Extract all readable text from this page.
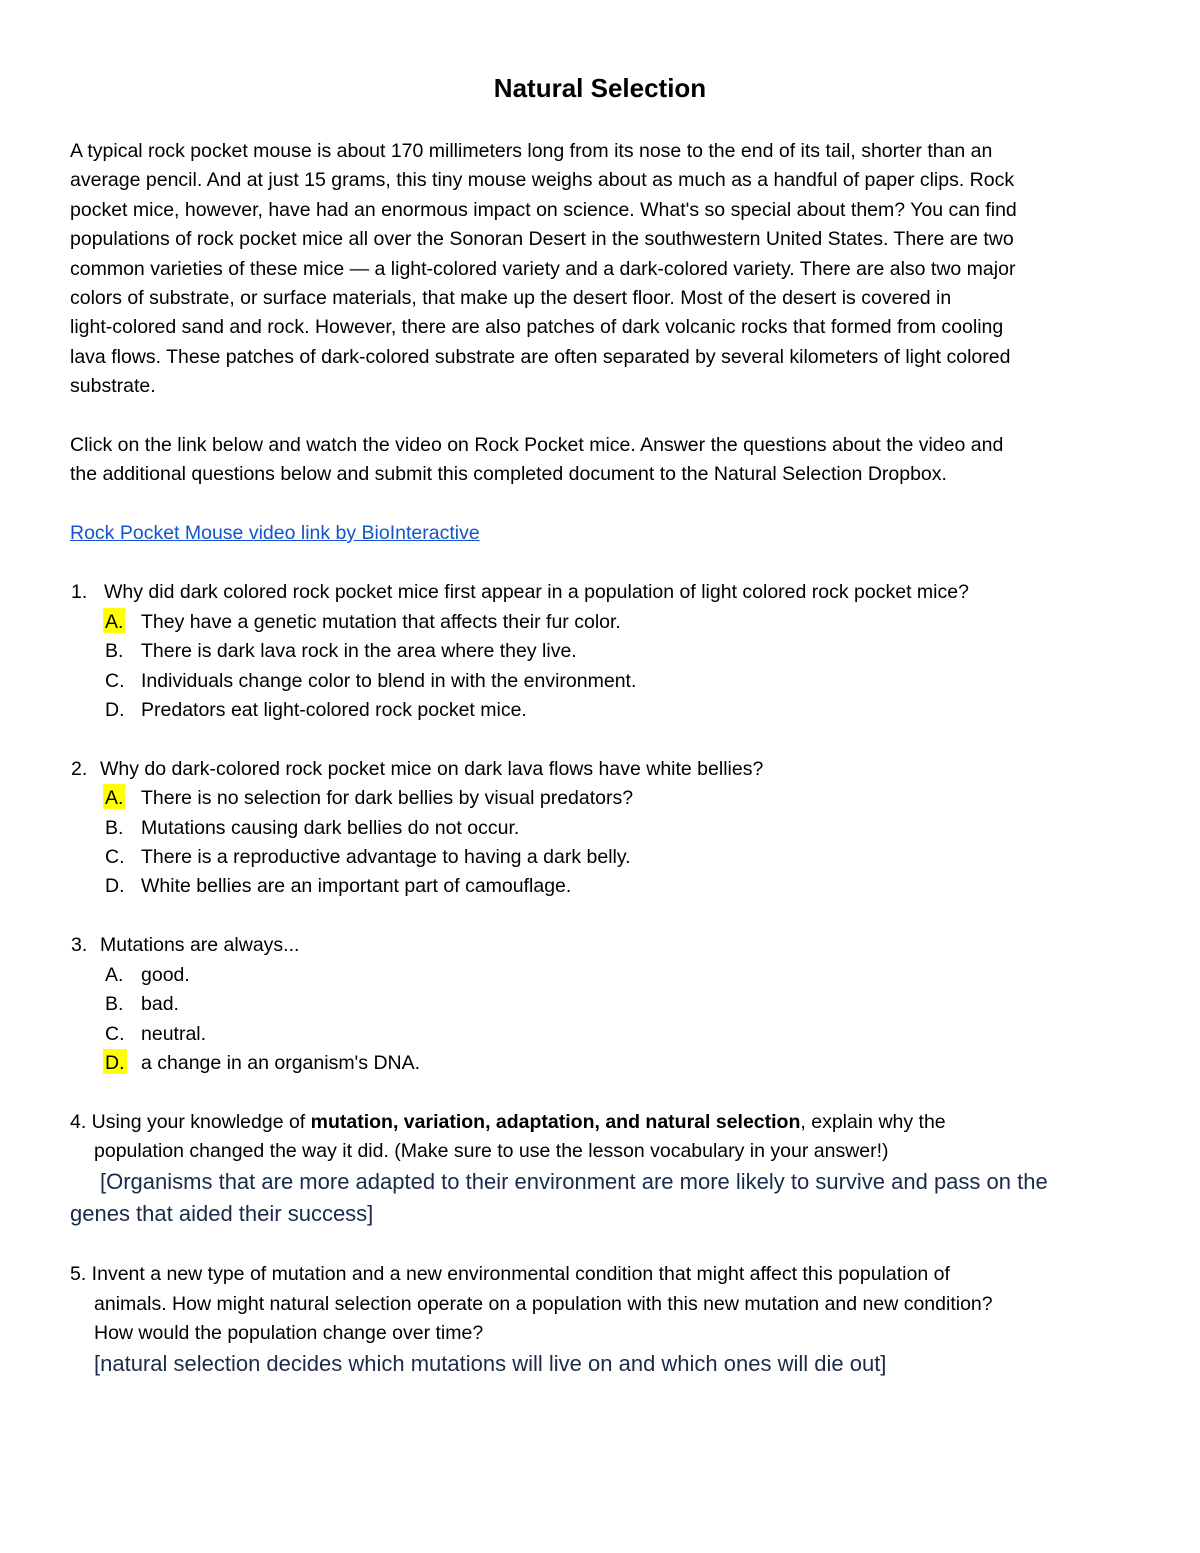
Natural Selection
A typical rock pocket mouse is about 170 millimeters long from its nose to the end of its tail, shorter than an
average pencil. And at just 15 grams, this tiny mouse weighs about as much as a handful of paper clips. Rock
pocket mice, however, have had an enormous impact on science. What's so special about them? You can find
populations of rock pocket mice all over the Sonoran Desert in the southwestern United States. There are two
common varieties of these mice — a light-colored variety and a dark-colored variety. There are also two major
colors of substrate, or surface materials, that make up the desert floor. Most of the desert is covered in
light-colored sand and rock. However, there are also patches of dark volcanic rocks that formed from cooling
lava flows. These patches of dark-colored substrate are often separated by several kilometers of light colored
substrate.
Click on the link below and watch the video on Rock Pocket mice. Answer the questions about the video and
the additional questions below and submit this completed document to the Natural Selection Dropbox.
Rock Pocket Mouse video link by BioInteractive
1. Why did dark colored rock pocket mice first appear in a population of light colored rock pocket mice?
A. They have a genetic mutation that affects their fur color.
B. There is dark lava rock in the area where they live.
C. Individuals change color to blend in with the environment.
D. Predators eat light-colored rock pocket mice.
2. Why do dark-colored rock pocket mice on dark lava flows have white bellies?
A. There is no selection for dark bellies by visual predators?
B. Mutations causing dark bellies do not occur.
C. There is a reproductive advantage to having a dark belly.
D. White bellies are an important part of camouflage.
3. Mutations are always...
A. good.
B. bad.
C. neutral.
D. a change in an organism's DNA.
4. Using your knowledge of mutation, variation, adaptation, and natural selection, explain why the
population changed the way it did. (Make sure to use the lesson vocabulary in your answer!)
[Organisms that are more adapted to their environment are more likely to survive and pass on the
genes that aided their success]
5. Invent a new type of mutation and a new environmental condition that might affect this population of
animals. How might natural selection operate on a population with this new mutation and new condition?
How would the population change over time?
[natural selection decides which mutations will live on and which ones will die out]
